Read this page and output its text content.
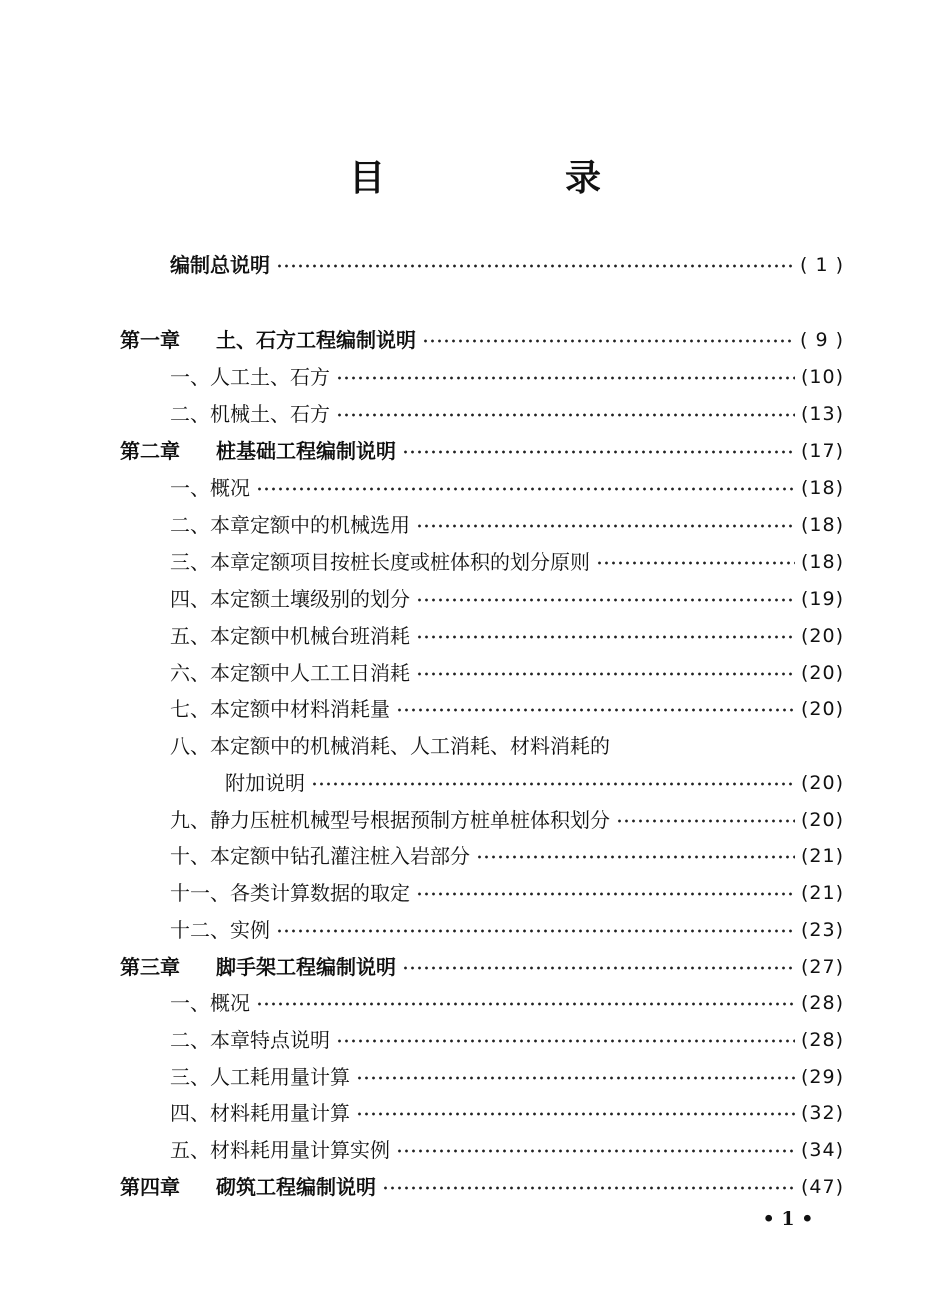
目　录
编制总说明	( 1 )
第一章 土、石方工程编制说明	( 9 )
一、人工土、石方	(10)
二、机械土、石方	(13)
第二章 桩基础工程编制说明	(17)
一、概况	(18)
二、本章定额中的机械选用	(18)
三、本章定额项目按桩长度或桩体积的划分原则	(18)
四、本定额土壤级别的划分	(19)
五、本定额中机械台班消耗	(20)
六、本定额中人工工日消耗	(20)
七、本定额中材料消耗量	(20)
八、本定额中的机械消耗、人工消耗、材料消耗的
附加说明	(20)
九、静力压桩机械型号根据预制方桩单桩体积划分	(20)
十、本定额中钻孔灌注桩入岩部分	(21)
十一、各类计算数据的取定	(21)
十二、实例	(23)
第三章 脚手架工程编制说明	(27)
一、概况	(28)
二、本章特点说明	(28)
三、人工耗用量计算	(29)
四、材料耗用量计算	(32)
五、材料耗用量计算实例	(34)
第四章 砌筑工程编制说明	(47)
• 1 •
